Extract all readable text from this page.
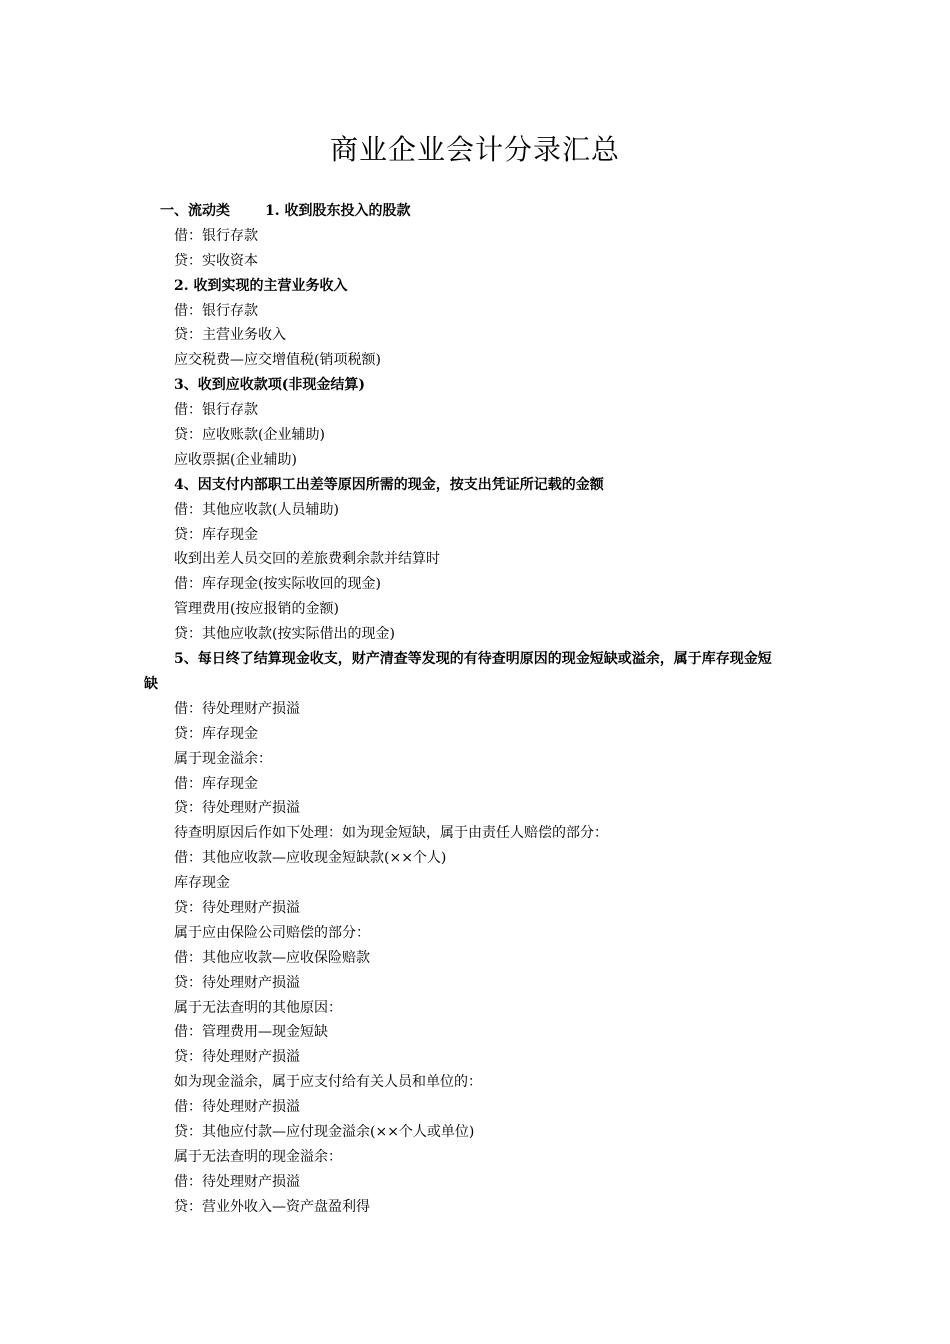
商业企业会计分录汇总
一、流动类	1. 收到股东投入的股款
借：银行存款
贷：实收资本
2. 收到实现的主营业务收入
借：银行存款
贷：主营业务收入
应交税费—应交增值税(销项税额)
3、收到应收款项(非现金结算)
借：银行存款
贷：应收账款(企业辅助)
应收票据(企业辅助)
4、因支付内部职工出差等原因所需的现金，按支出凭证所记载的金额
借：其他应收款(人员辅助)
贷：库存现金
收到出差人员交回的差旅费剩余款并结算时
借：库存现金(按实际收回的现金)
管理费用(按应报销的金额)
贷：其他应收款(按实际借出的现金)
5、每日终了结算现金收支，财产清查等发现的有待查明原因的现金短缺或溢余，属于库存现金短
缺
借：待处理财产损溢
贷：库存现金
属于现金溢余：
借：库存现金
贷：待处理财产损溢
待查明原因后作如下处理：如为现金短缺，属于由责任人赔偿的部分：
借：其他应收款—应收现金短缺款(××个人)
库存现金
贷：待处理财产损溢
属于应由保险公司赔偿的部分：
借：其他应收款—应收保险赔款
贷：待处理财产损溢
属于无法查明的其他原因：
借：管理费用—现金短缺
贷：待处理财产损溢
如为现金溢余，属于应支付给有关人员和单位的：
借：待处理财产损溢
贷：其他应付款—应付现金溢余(××个人或单位)
属于无法查明的现金溢余：
借：待处理财产损溢
贷：营业外收入—资产盘盈利得
